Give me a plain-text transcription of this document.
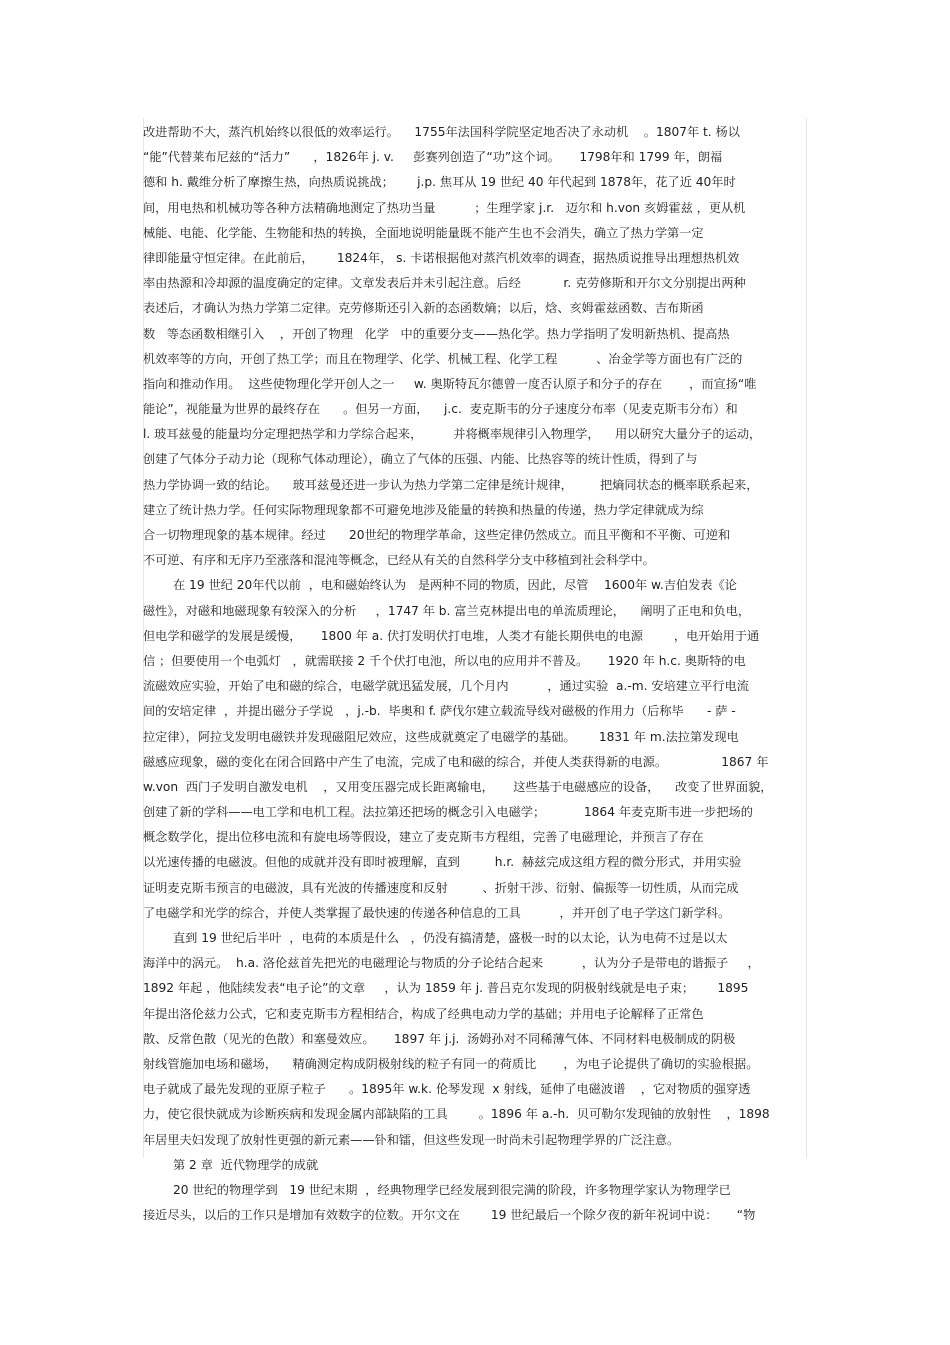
改进帮助不大，蒸汽机始终以很低的效率运行。    1755年法国科学院坚定地否决了永动机    。1807年 t. 杨以
“能”代替莱布尼兹的“活力”      ，1826年 j. v.     彭赛列创造了“功”这个词。     1798年和 1799 年，朗福
德和 h. 戴维分析了摩擦生热，向热质说挑战；      j.p. 焦耳从 19 世纪 40 年代起到 1878年，花了近 40年时
间，用电热和机械功等各种方法精确地测定了热功当量          ；生理学家 j.r.   迈尔和 h.von 亥姆霍兹 ，更从机
械能、电能、化学能、生物能和热的转换，全面地说明能量既不能产生也不会消失，确立了热力学第一定
律即能量守恒定律。在此前后，      1824年， s. 卡诺根据他对蒸汽机效率的调查，据热质说推导出理想热机效
率由热源和冷却源的温度确定的定律。文章发表后并未引起注意。后经           r. 克劳修斯和开尔文分别提出两种
表述后，才确认为热力学第二定律。克劳修斯还引入新的态函数熵；以后，焓、亥姆霍兹函数、吉布斯函
数   等态函数相继引入    ，开创了物理   化学   中的重要分支——热化学。热力学指明了发明新热机、提高热
机效率等的方向，开创了热工学；而且在物理学、化学、机械工程、化学工程          、冶金学等方面也有广泛的
指向和推动作用。  这些使物理化学开创人之一     w. 奥斯特瓦尔德曾一度否认原子和分子的存在       ，而宣扬“唯
能论”，视能量为世界的最终存在      。但另一方面，    j.c.  麦克斯韦的分子速度分布率（见麦克斯韦分布）和
l. 玻耳兹曼的能量均分定理把热学和力学综合起来，        并将概率规律引入物理学，    用以研究大量分子的运动，
创建了气体分子动力论（现称气体动理论），确立了气体的压强、内能、比热容等的统计性质，得到了与
热力学协调一致的结论。    玻耳兹曼还进一步认为热力学第二定律是统计规律，       把熵同状态的概率联系起来，
建立了统计热力学。任何实际物理现象都不可避免地涉及能量的转换和热量的传递，热力学定律就成为综
合一切物理现象的基本规律。经过      20世纪的物理学革命，这些定律仍然成立。而且平衡和不平衡、可逆和
不可逆、有序和无序乃至涨落和混沌等概念，已经从有关的自然科学分支中移植到社会科学中。
在 19 世纪 20年代以前  ，电和磁始终认为   是两种不同的物质，因此，尽管    1600年 w.吉伯发表《论
磁性》，对磁和地磁现象有较深入的分析     ，1747 年 b. 富兰克林提出电的单流质理论，    阐明了正电和负电，
但电学和磁学的发展是缓慢，     1800 年 a. 伏打发明伏打电堆，人类才有能长期供电的电源        ，电开始用于通
信 ；但要使用一个电弧灯   ，就需联接 2 千个伏打电池，所以电的应用并不普及。     1920 年 h.c. 奥斯特的电
流磁效应实验，开始了电和磁的综合，电磁学就迅猛发展，几个月内          ，通过实验  a.-m. 安培建立平行电流
间的安培定律  ，并提出磁分子学说   ，j.-b.  毕奥和 f. 萨伐尔建立载流导线对磁极的作用力（后称毕      - 萨 -
拉定律），阿拉戈发明电磁铁并发现磁阻尼效应，这些成就奠定了电磁学的基础。      1831 年 m.法拉第发现电
磁感应现象，磁的变化在闭合回路中产生了电流，完成了电和磁的综合，并使人类获得新的电源。              1867 年
w.von  西门子发明自激发电机    ，又用变压器完成长距离输电，     这些基于电磁感应的设备，    改变了世界面貌，
创建了新的学科——电工学和电机工程。法拉第还把场的概念引入电磁学；          1864 年麦克斯韦进一步把场的
概念数学化，提出位移电流和有旋电场等假设，建立了麦克斯韦方程组，完善了电磁理论，并预言了存在
以光速传播的电磁波。但他的成就并没有即时被理解，直到         h.r.  赫兹完成这组方程的微分形式，并用实验
证明麦克斯韦预言的电磁波，具有光波的传播速度和反射         、折射干涉、衍射、偏振等一切性质，从而完成
了电磁学和光学的综合，并使人类掌握了最快速的传递各种信息的工具          ，并开创了电子学这门新学科。
直到 19 世纪后半叶  ，电荷的本质是什么   ，仍没有搞清楚，盛极一时的以太论，认为电荷不过是以太
海洋中的涡元。  h.a. 洛伦兹首先把光的电磁理论与物质的分子论结合起来          ，认为分子是带电的谐振子     ，
1892 年起 ，他陆续发表“电子论”的文章     ，认为 1859 年 j. 普吕克尔发现的阴极射线就是电子束；      1895
年提出洛伦兹力公式，它和麦克斯韦方程相结合，构成了经典电动力学的基础；并用电子论解释了正常色
散、反常色散（见光的色散）和塞曼效应。     1897 年 j.j.  汤姆孙对不同稀薄气体、不同材料电极制成的阴极
射线管施加电场和磁场，    精确测定构成阴极射线的粒子有同一的荷质比       ，为电子论提供了确切的实验根据。
电子就成了最先发现的亚原子粒子      。1895年 w.k. 伦琴发现  x 射线，延伸了电磁波谱    ，它对物质的强穿透
力，使它很快就成为诊断疾病和发现金属内部缺陷的工具        。1896 年 a.-h.  贝可勒尔发现铀的放射性    ，1898
年居里夫妇发现了放射性更强的新元素——钋和镭，但这些发现一时尚未引起物理学界的广泛注意。
第 2 章  近代物理学的成就
20 世纪的物理学到   19 世纪末期  ，经典物理学已经发展到很完满的阶段，许多物理学家认为物理学已
接近尽头，以后的工作只是增加有效数字的位数。开尔文在        19 世纪最后一个除夕夜的新年祝词中说：     “物
